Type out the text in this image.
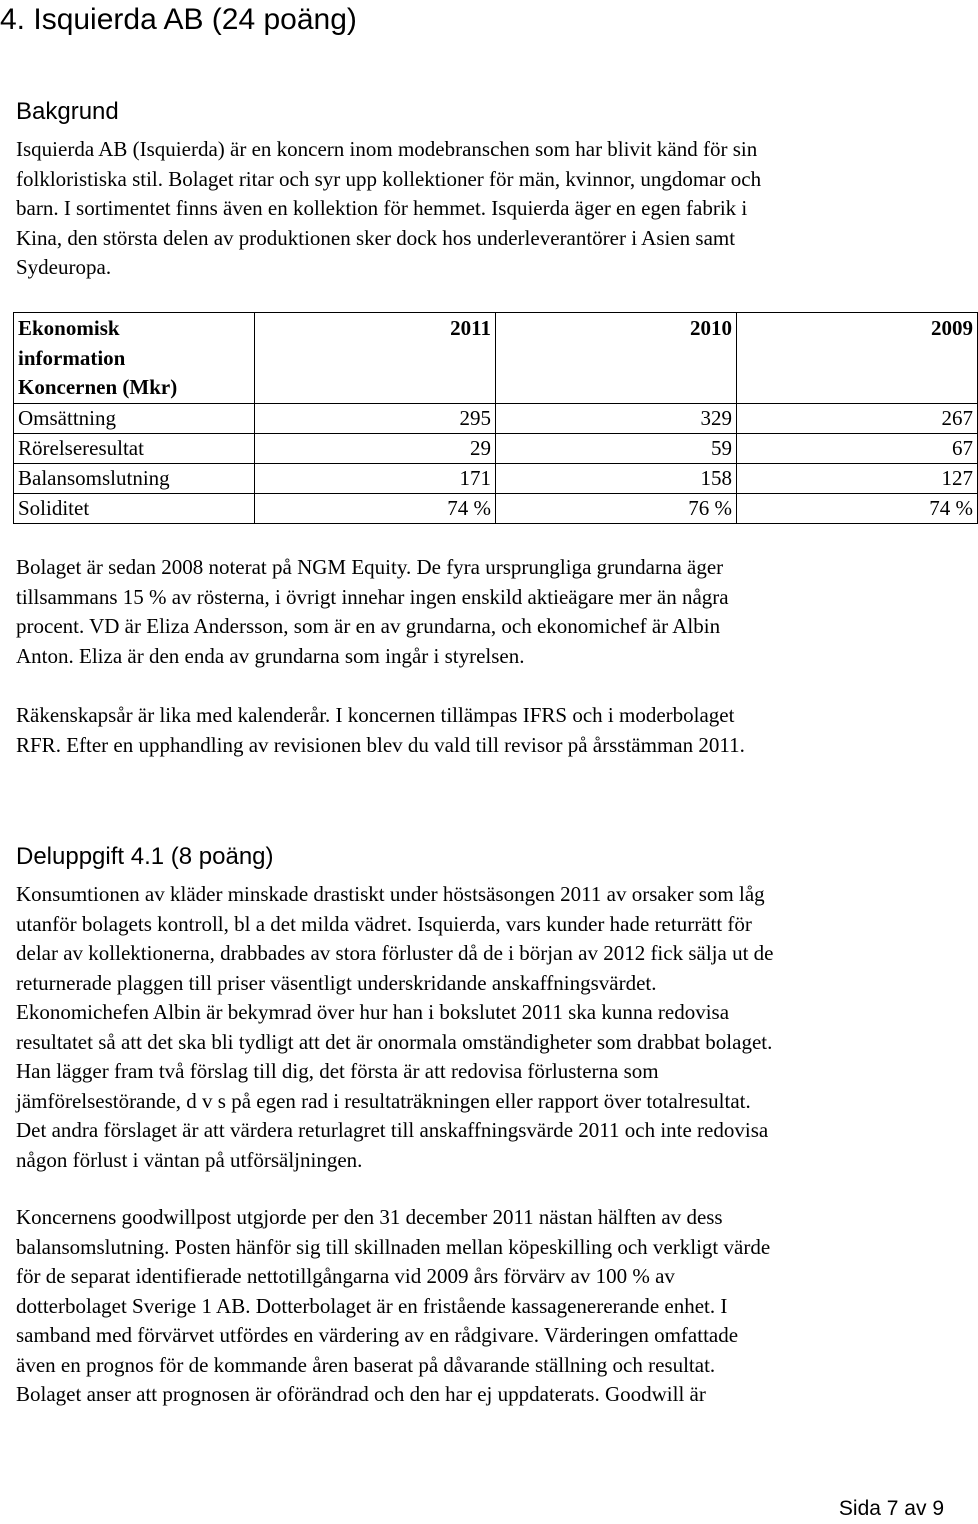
4. Isquierda AB (24 poäng)
Bakgrund

Isquierda AB (Isquierda) är en koncern inom modebranschen som har blivit känd för sin
folkloristiska stil. Bolaget ritar och syr upp kollektioner för män, kvinnor, ungdomar och
barn. I sortimentet finns även en kollektion för hemmet. Isquierda äger en egen fabrik i
Kina, den största delen av produktionen sker dock hos underleverantörer i Asien samt
Sydeuropa.

Ekonomisk
information
Koncernen (Mkr)	2011	2010	2009
Omsättning	295	329	267
Rörelseresultat	29	59	67
Balansomslutning	171	158	127
Soliditet	74 %	76 %	74 %

Bolaget är sedan 2008 noterat på NGM Equity. De fyra ursprungliga grundarna äger
tillsammans 15 % av rösterna, i övrigt innehar ingen enskild aktieägare mer än några
procent. VD är Eliza Andersson, som är en av grundarna, och ekonomichef är Albin
Anton. Eliza är den enda av grundarna som ingår i styrelsen.

Räkenskapsår är lika med kalenderår. I koncernen tillämpas IFRS och i moderbolaget
RFR. Efter en upphandling av revisionen blev du vald till revisor på årsstämman 2011.

Deluppgift 4.1 (8 poäng)

Konsumtionen av kläder minskade drastiskt under höstsäsongen 2011 av orsaker som låg
utanför bolagets kontroll, bl a det milda vädret. Isquierda, vars kunder hade returrätt för
delar av kollektionerna, drabbades av stora förluster då de i början av 2012 fick sälja ut de
returnerade plaggen till priser väsentligt underskridande anskaffningsvärdet.
Ekonomichefen Albin är bekymrad över hur han i bokslutet 2011 ska kunna redovisa
resultatet så att det ska bli tydligt att det är onormala omständigheter som drabbat bolaget.
Han lägger fram två förslag till dig, det första är att redovisa förlusterna som
jämförelsestörande, d v s på egen rad i resultaträkningen eller rapport över totalresultat.
Det andra förslaget är att värdera returlagret till anskaffningsvärde 2011 och inte redovisa
någon förlust i väntan på utförsäljningen.

Koncernens goodwillpost utgjorde per den 31 december 2011 nästan hälften av dess
balansomslutning. Posten hänför sig till skillnaden mellan köpeskilling och verkligt värde
för de separat identifierade nettotillgångarna vid 2009 års förvärv av 100 % av
dotterbolaget Sverige 1 AB. Dotterbolaget är en fristående kassagenererande enhet. I
samband med förvärvet utfördes en värdering av en rådgivare. Värderingen omfattade
även en prognos för de kommande åren baserat på dåvarande ställning och resultat.
Bolaget anser att prognosen är oförändrad och den har ej uppdaterats. Goodwill är

Sida 7 av 9
